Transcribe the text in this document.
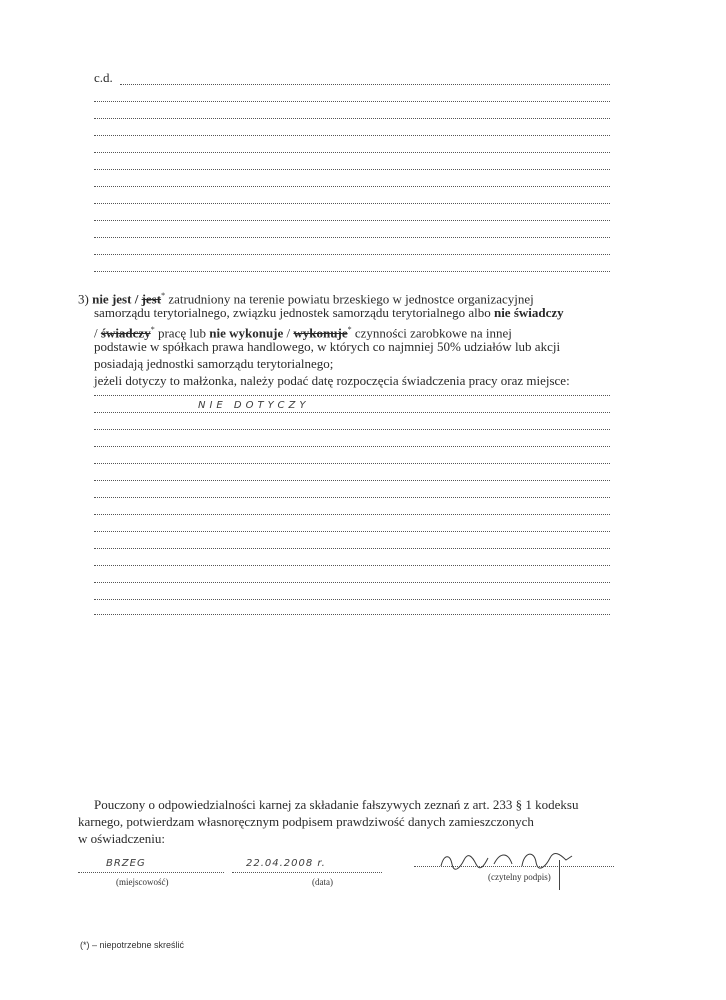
c.d.
3) nie jest / jest* zatrudniony na terenie powiatu brzeskiego w jednostce organizacyjnej
samorządu terytorialnego, związku jednostek samorządu terytorialnego albo nie świadczy
/ świadczy* pracę lub nie wykonuje / wykonuje* czynności zarobkowe na innej
podstawie w spółkach prawa handlowego, w których co najmniej 50% udziałów lub akcji
posiadają jednostki samorządu terytorialnego;
jeżeli dotyczy to małżonka, należy podać datę rozpoczęcia świadczenia pracy oraz miejsce:
NIE DOTYCZY
Pouczony o odpowiedzialności karnej za składanie fałszywych zeznań z art. 233 § 1 kodeksu
karnego, potwierdzam własnoręcznym podpisem prawdziwość danych zamieszczonych
w oświadczeniu:
BRZEG
(miejscowość)
22.04.2008 r.
(data)	(czytelny podpis)
(*) – niepotrzebne skreślić
